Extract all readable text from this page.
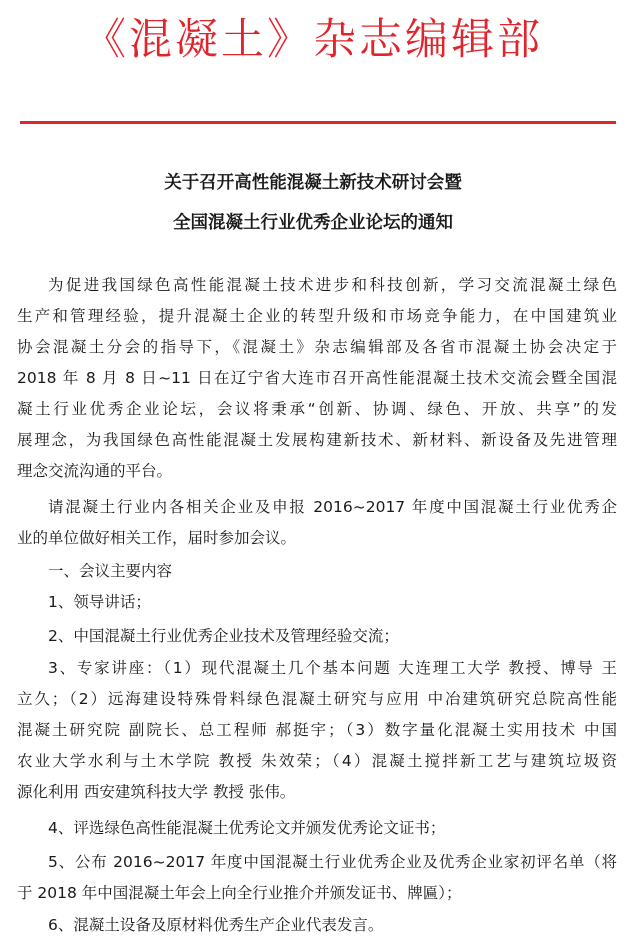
《混凝土》杂志编辑部
关于召开高性能混凝土新技术研讨会暨
全国混凝土行业优秀企业论坛的通知
为促进我国绿色高性能混凝土技术进步和科技创新，学习交流混凝土绿色
生产和管理经验，提升混凝土企业的转型升级和市场竞争能力，在中国建筑业
协会混凝土分会的指导下，《混凝土》杂志编辑部及各省市混凝土协会决定于
2018 年 8 月 8 日~11 日在辽宁省大连市召开高性能混凝土技术交流会暨全国混
凝土行业优秀企业论坛，会议将秉承“创新、协调、绿色、开放、共享”的发
展理念，为我国绿色高性能混凝土发展构建新技术、新材料、新设备及先进管理
理念交流沟通的平台。
请混凝土行业内各相关企业及申报 2016~2017 年度中国混凝土行业优秀企
业的单位做好相关工作，届时参加会议。
一、会议主要内容
1、领导讲话；
2、中国混凝土行业优秀企业技术及管理经验交流；
3、专家讲座：（1）现代混凝土几个基本问题 大连理工大学 教授、博导 王
立久；（2）远海建设特殊骨料绿色混凝土研究与应用 中冶建筑研究总院高性能
混凝土研究院 副院长、总工程师 郝挺宇；（3）数字量化混凝土实用技术 中国
农业大学水利与土木学院 教授 朱效荣；（4）混凝土搅拌新工艺与建筑垃圾资
源化利用 西安建筑科技大学 教授 张伟。
4、评选绿色高性能混凝土优秀论文并颁发优秀论文证书；
5、公布 2016~2017 年度中国混凝土行业优秀企业及优秀企业家初评名单（将
于 2018 年中国混凝土年会上向全行业推介并颁发证书、牌匾）；
6、混凝土设备及原材料优秀生产企业代表发言。
